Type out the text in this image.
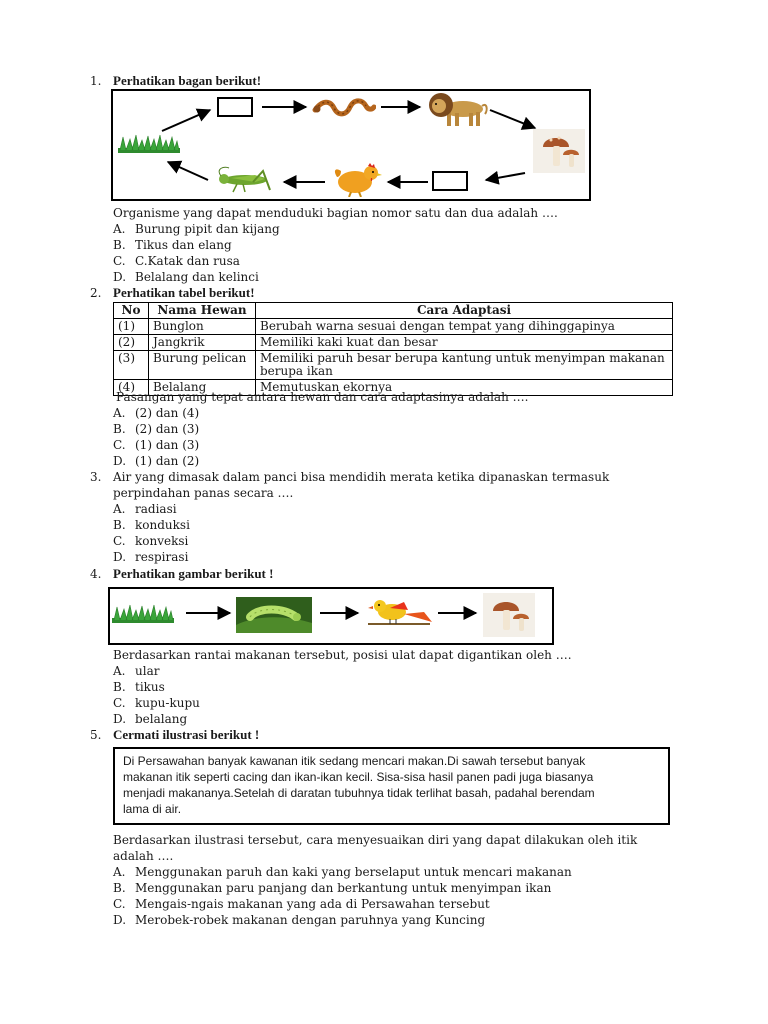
1. Perhatikan bagan berikut!
Organisme yang dapat menduduki bagian nomor satu dan dua adalah ….
A. Burung pipit dan kijang
B. Tikus dan elang
C. C.Katak dan rusa
D. Belalang dan kelinci
2. Perhatikan tabel berikut!
No	Nama Hewan	Cara Adaptasi
(1)	Bunglon	Berubah warna sesuai dengan tempat yang dihinggapinya
(2)	Jangkrik	Memiliki kaki kuat dan besar
(3)	Burung pelican	Memiliki paruh besar berupa kantung untuk menyimpan makanan berupa ikan
(4)	Belalang	Memutuskan ekornya
Pasangan yang tepat antara hewan dan cara adaptasinya adalah ….
A. (2) dan (4)
B. (2) dan (3)
C. (1) dan (3)
D. (1) dan (2)
3. Air yang dimasak dalam panci bisa mendidih merata ketika dipanaskan termasuk
perpindahan panas secara ….
A. radiasi
B. konduksi
C. konveksi
D. respirasi
4. Perhatikan gambar berikut !
Berdasarkan rantai makanan tersebut, posisi ulat dapat digantikan oleh ….
A. ular
B. tikus
C. kupu-kupu
D. belalang
5. Cermati ilustrasi berikut !
Di Persawahan banyak kawanan itik sedang mencari makan.Di sawah tersebut banyak
makanan itik seperti cacing dan ikan-ikan kecil. Sisa-sisa hasil panen padi juga biasanya
menjadi makananya.Setelah di daratan tubuhnya tidak terlihat basah, padahal berendam
lama di air.
Berdasarkan ilustrasi tersebut, cara menyesuaikan diri yang dapat dilakukan oleh itik
adalah ….
A. Menggunakan paruh dan kaki yang berselaput untuk mencari makanan
B. Menggunakan paru panjang dan berkantung untuk menyimpan ikan
C. Mengais-ngais makanan yang ada di Persawahan tersebut
D. Merobek-robek makanan dengan paruhnya yang Kuncing
